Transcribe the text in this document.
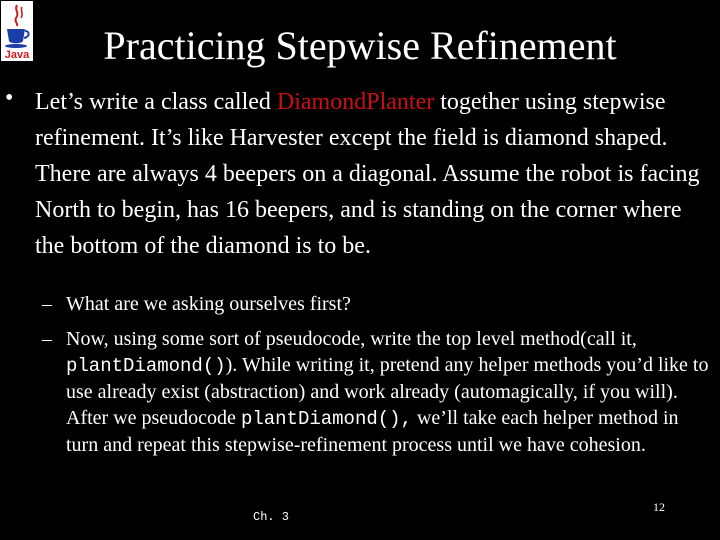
Java	Practicing Stepwise Refinement
• Let’s write a class called DiamondPlanter together using stepwise refinement. It’s like Harvester except the field is diamond shaped. There are always 4 beepers on a diagonal. Assume the robot is facing North to begin, has 16 beepers, and is standing on the corner where the bottom of the diamond is to be.
– What are we asking ourselves first?
– Now, using some sort of pseudocode, write the top level method(call it, plantDiamond()). While writing it, pretend any helper methods you’d like to use already exist (abstraction) and work already (automagically, if you will). After we pseudocode plantDiamond(), we’ll take each helper method in turn and repeat this stepwise-refinement process until we have cohesion.
Ch. 3
12
